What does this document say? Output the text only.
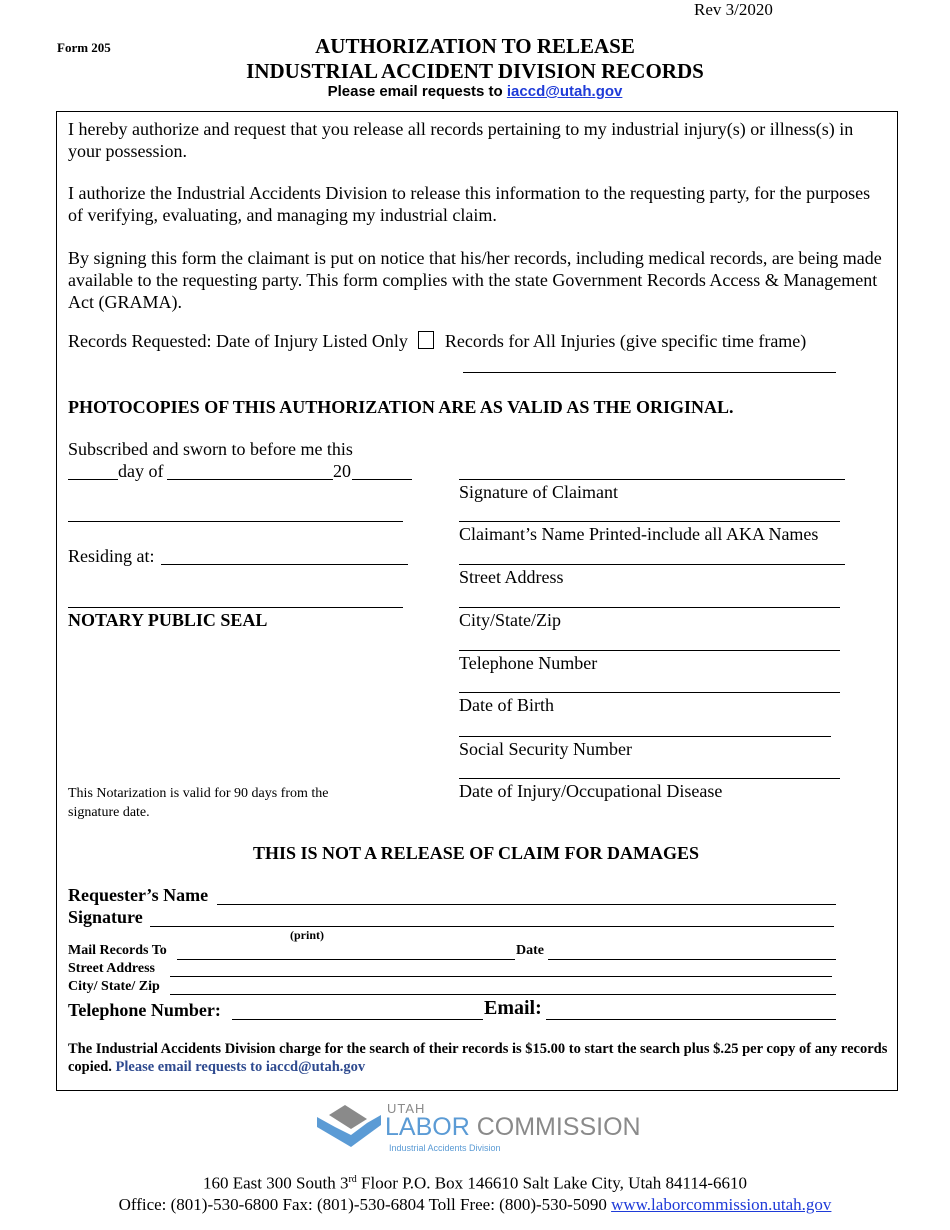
Rev 3/2020
Form 205	AUTHORIZATION TO RELEASE
INDUSTRIAL ACCIDENT DIVISION RECORDS
Please email requests to iaccd@utah.gov
I hereby authorize and request that you release all records pertaining to my industrial injury(s) or illness(s) in your possession.
I authorize the Industrial Accidents Division to release this information to the requesting party, for the purposes of verifying, evaluating, and managing my industrial claim.
By signing this form the claimant is put on notice that his/her records, including medical records, are being made available to the requesting party. This form complies with the state Government Records Access & Management Act (GRAMA).
Records Requested: Date of Injury Listed Only Records for All Injuries (give specific time frame)
PHOTOCOPIES OF THIS AUTHORIZATION ARE AS VALID AS THE ORIGINAL.
Subscribed and sworn to before me this
day of	20
Residing at:
NOTARY PUBLIC SEAL
This Notarization is valid for 90 days from the signature date.
Signature of Claimant
Claimant’s Name Printed-include all AKA Names
Street Address
City/State/Zip
Telephone Number
Date of Birth
Social Security Number
Date of Injury/Occupational Disease
THIS IS NOT A RELEASE OF CLAIM FOR DAMAGES
Requester’s Name
Signature
(print)
Mail Records To	Date
Street Address
City/ State/ Zip
Telephone Number:	Email:
The Industrial Accidents Division charge for the search of their records is $15.00 to start the search plus $.25 per copy of any records copied. Please email requests to iaccd@utah.gov
UTAH
LABOR COMMISSION
Industrial Accidents Division
160 East 300 South 3rd Floor P.O. Box 146610 Salt Lake City, Utah 84114-6610
Office: (801)-530-6800 Fax: (801)-530-6804 Toll Free: (800)-530-5090 www.laborcommission.utah.gov
